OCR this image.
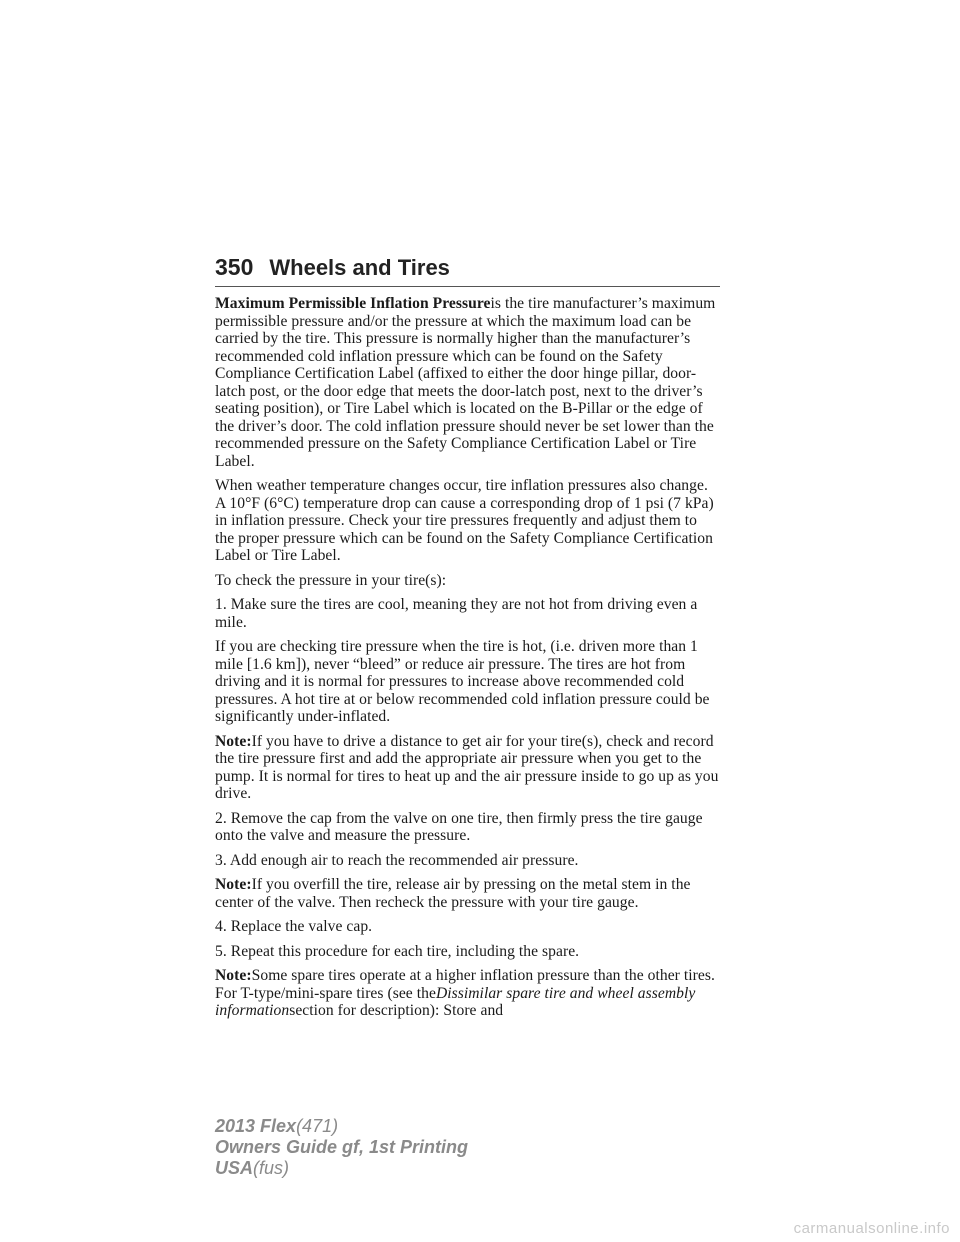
350 Wheels and Tires

Maximum Permissible Inflation Pressureis the tire manufacturer’s maximum permissible pressure and/or the pressure at which the maximum load can be carried by the tire. This pressure is normally higher than the manufacturer’s recommended cold inflation pressure which can be found on the Safety Compliance Certification Label (affixed to either the door hinge pillar, door-latch post, or the door edge that meets the door-latch post, next to the driver’s seating position), or Tire Label which is located on the B-Pillar or the edge of the driver’s door. The cold inflation pressure should never be set lower than the recommended pressure on the Safety Compliance Certification Label or Tire Label.

When weather temperature changes occur, tire inflation pressures also change. A 10°F (6°C) temperature drop can cause a corresponding drop of 1 psi (7 kPa) in inflation pressure. Check your tire pressures frequently and adjust them to the proper pressure which can be found on the Safety Compliance Certification Label or Tire Label.

To check the pressure in your tire(s):

1. Make sure the tires are cool, meaning they are not hot from driving even a mile.

If you are checking tire pressure when the tire is hot, (i.e. driven more than 1 mile [1.6 km]), never “bleed” or reduce air pressure. The tires are hot from driving and it is normal for pressures to increase above recommended cold pressures. A hot tire at or below recommended cold inflation pressure could be significantly under-inflated.

Note:If you have to drive a distance to get air for your tire(s), check and record the tire pressure first and add the appropriate air pressure when you get to the pump. It is normal for tires to heat up and the air pressure inside to go up as you drive.

2. Remove the cap from the valve on one tire, then firmly press the tire gauge onto the valve and measure the pressure.

3. Add enough air to reach the recommended air pressure.

Note:If you overfill the tire, release air by pressing on the metal stem in the center of the valve. Then recheck the pressure with your tire gauge.

4. Replace the valve cap.

5. Repeat this procedure for each tire, including the spare.

Note:Some spare tires operate at a higher inflation pressure than the other tires. For T-type/mini-spare tires (see theDissimilar spare tire and wheel assembly informationsection for description): Store and

2013 Flex(471)
Owners Guide gf, 1st Printing
USA(fus)
carmanualsonline.info
